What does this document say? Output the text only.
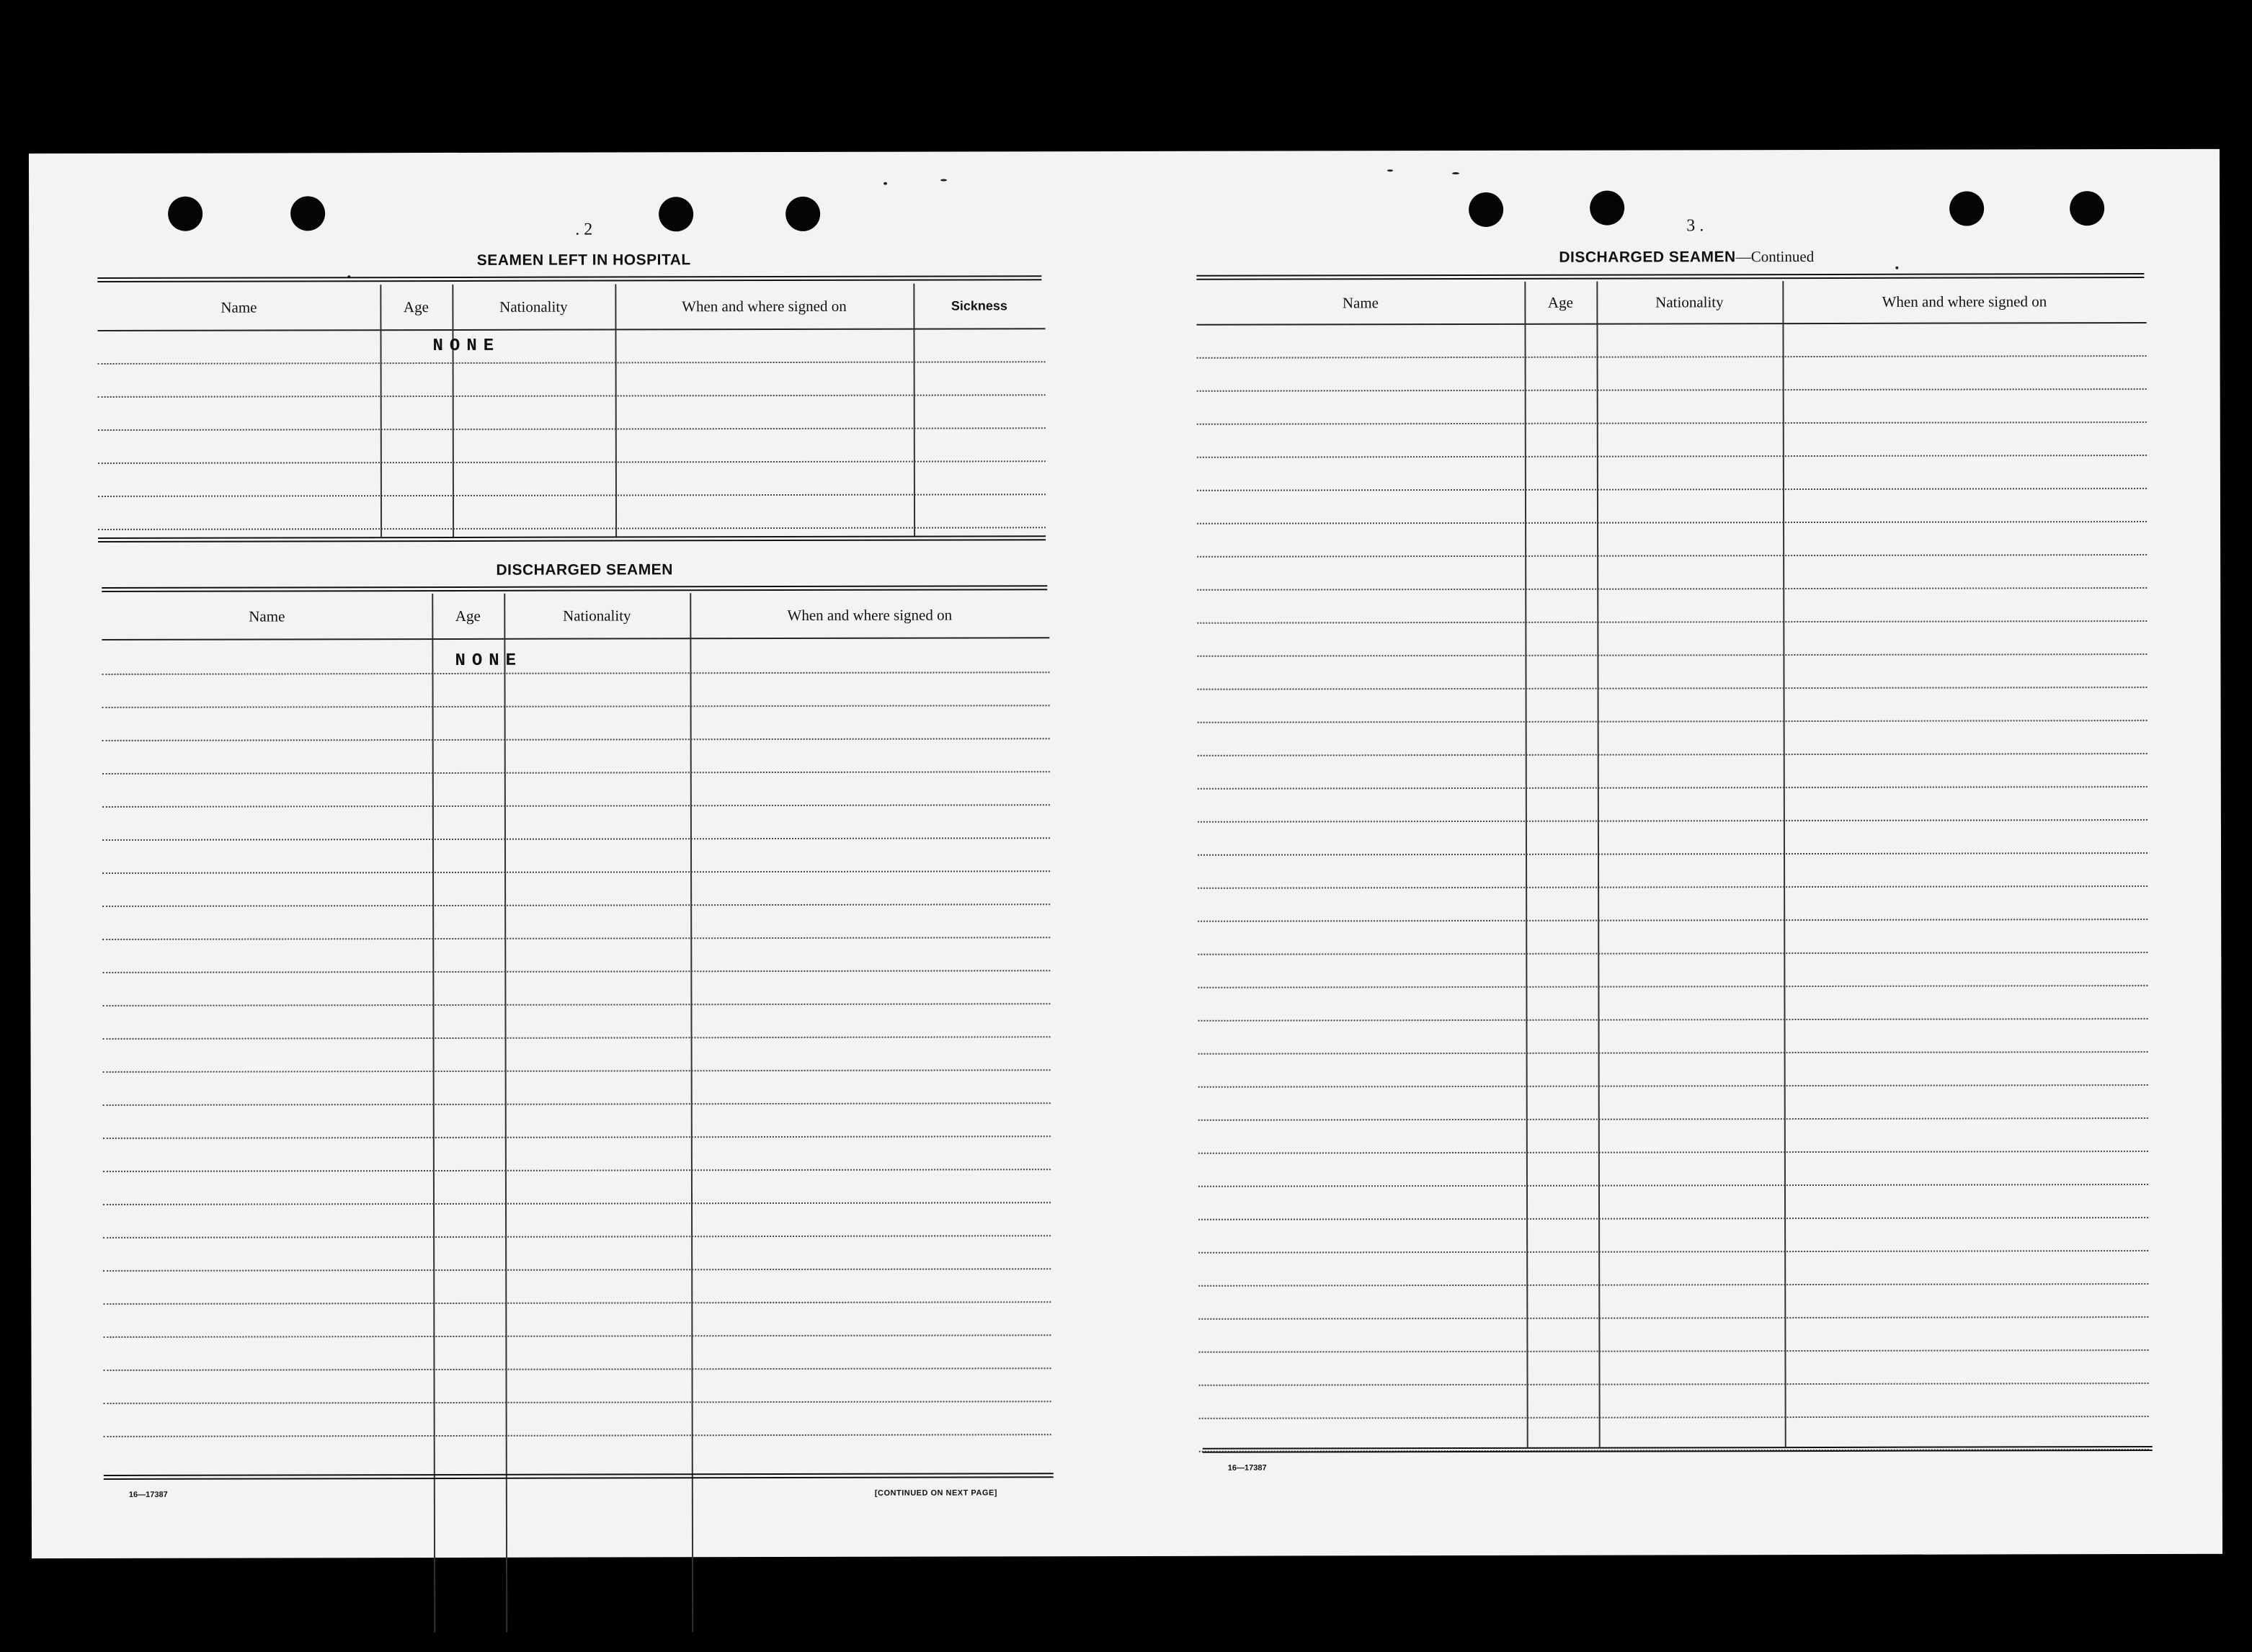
. 2
SEAMEN LEFT IN HOSPITAL
Name	Age	Nationality	When and where signed on	Sickness
NONE
DISCHARGED SEAMEN
Name	Age	Nationality	When and where signed on
NONE
16—17387	[CONTINUED ON NEXT PAGE]
3 .
DISCHARGED SEAMEN—Continued
Name	Age	Nationality	When and where signed on
16—17387
